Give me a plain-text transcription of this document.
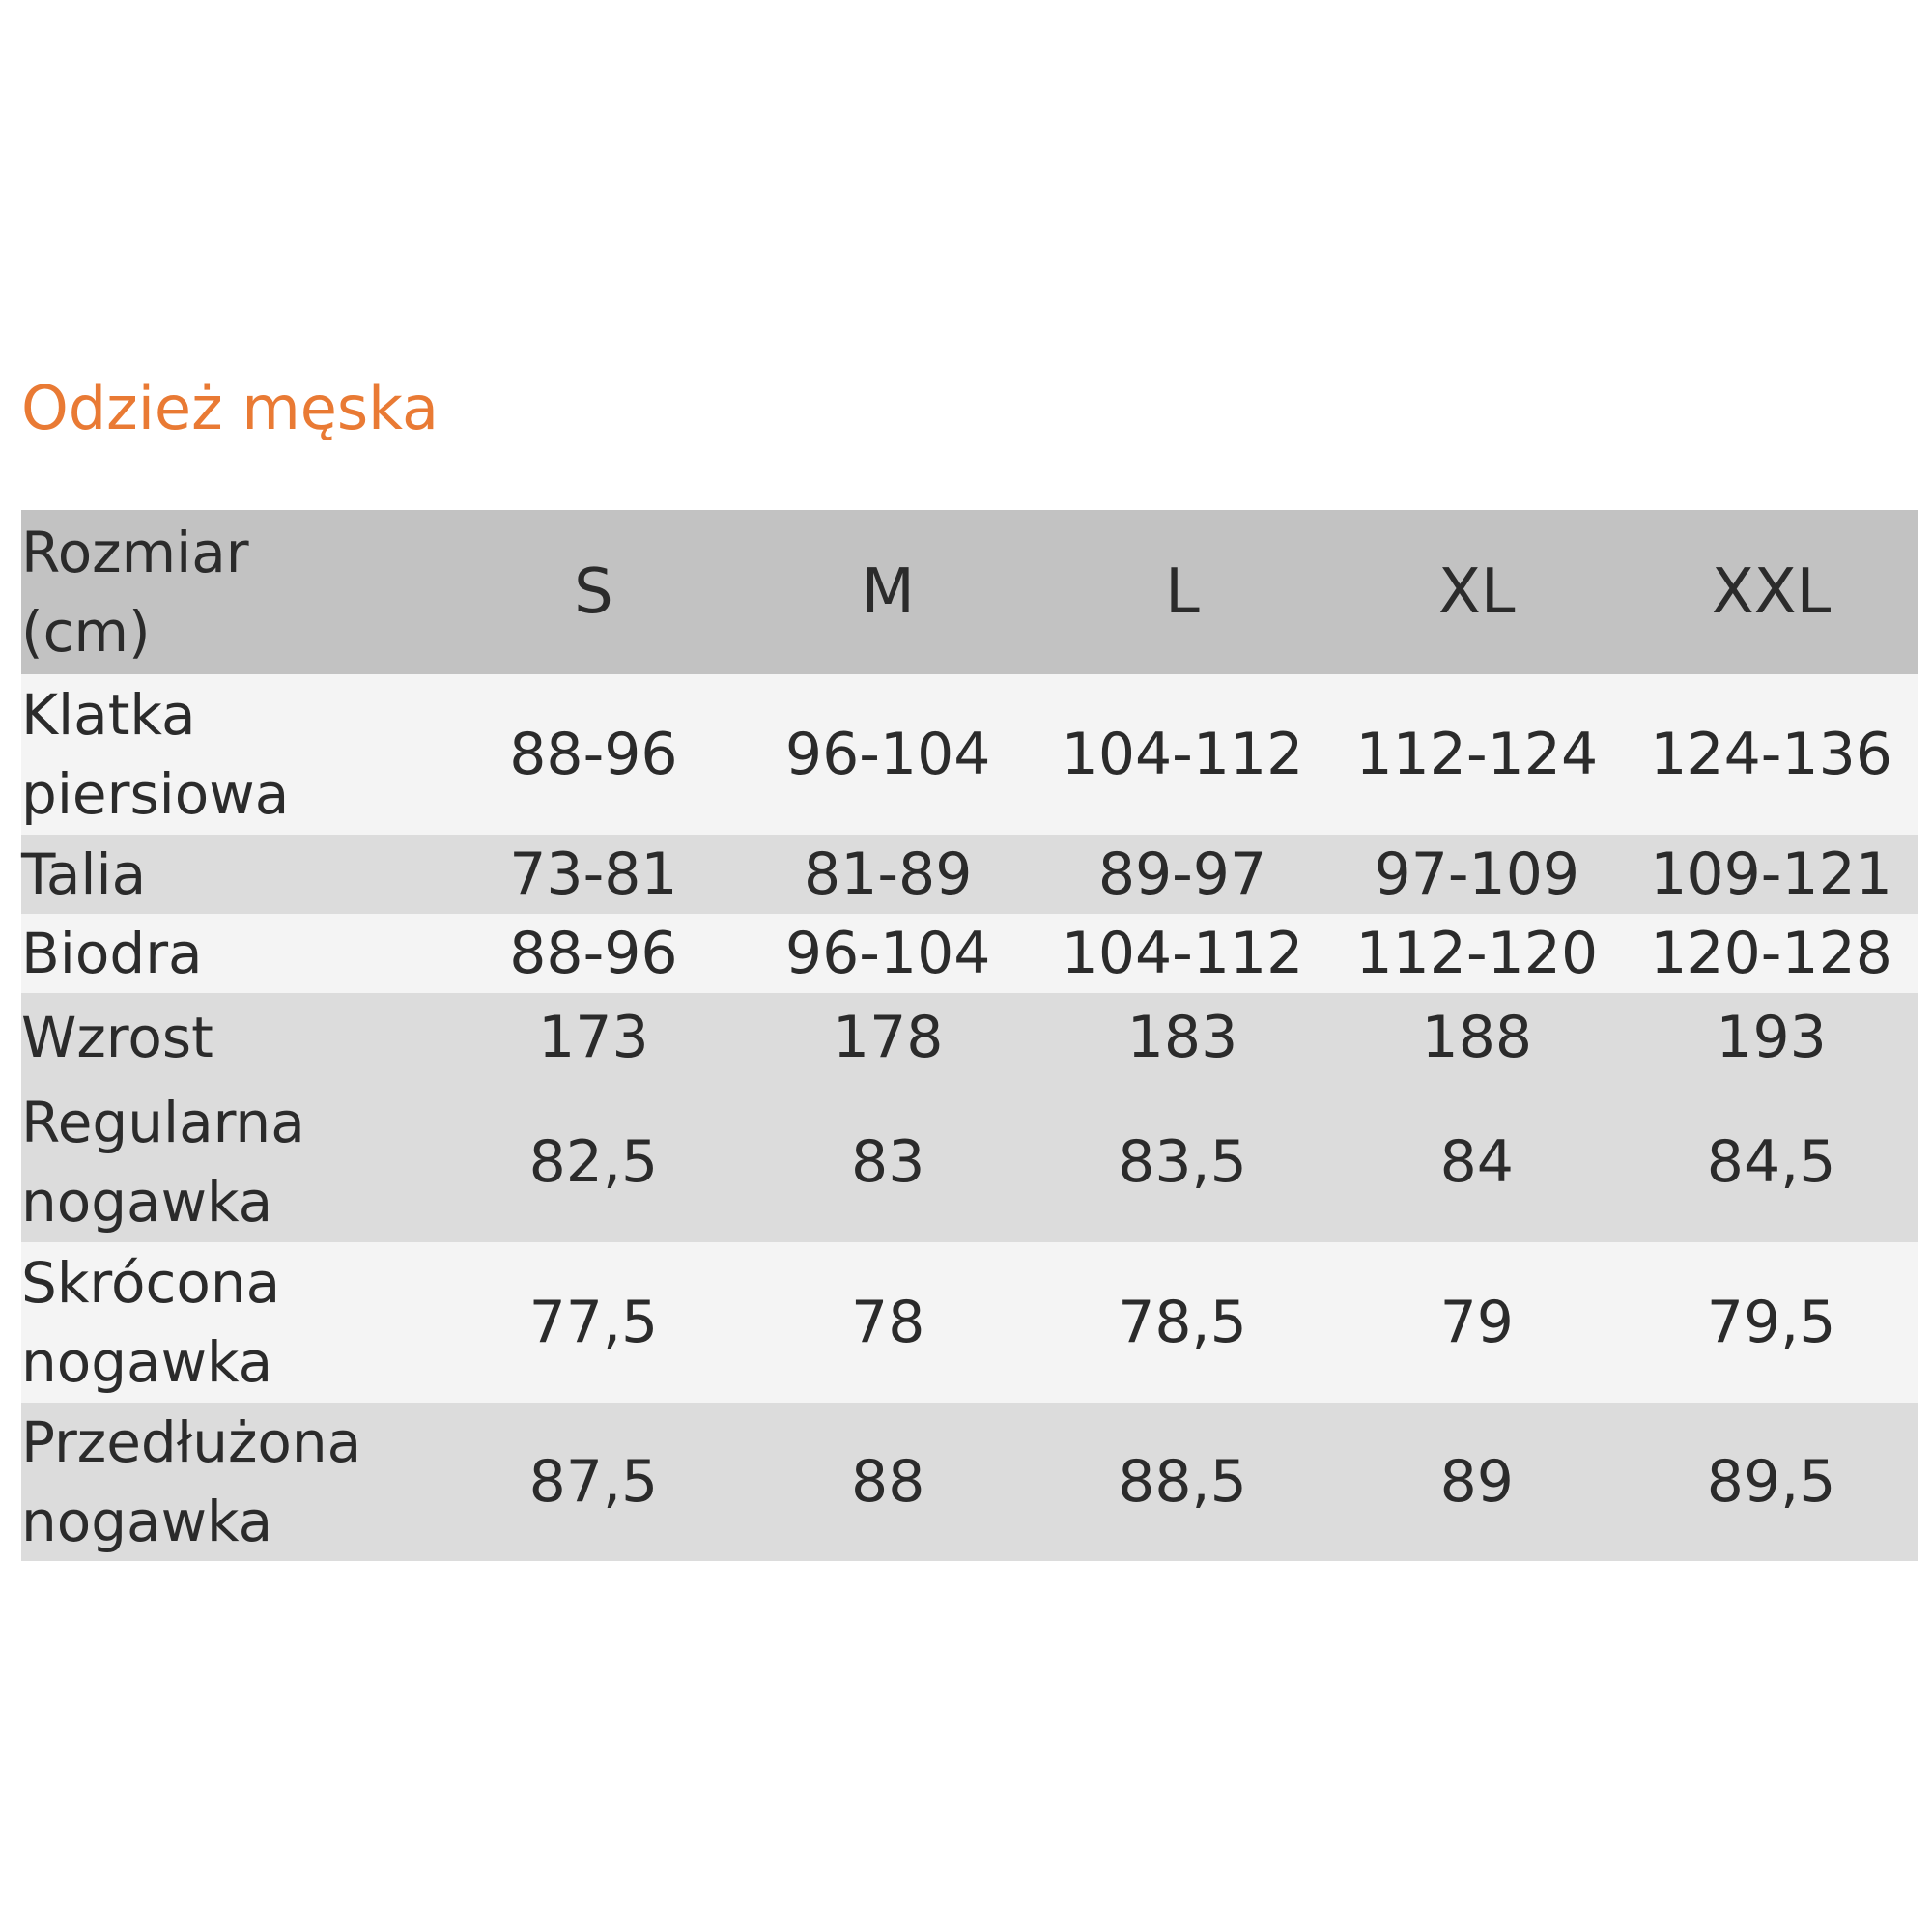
Odzież męska
Rozmiar
(cm)	S	M	L	XL	XXL

Klatka
piersiowa	88-96	96-104	104-112	112-124	124-136

Talia	73-81	81-89	89-97	97-109	109-121

Biodra	88-96	96-104	104-112	112-120	120-128

Wzrost	173	178	183	188	193

Regularna
nogawka	82,5	83	83,5	84	84,5

Skrócona
nogawka	77,5	78	78,5	79	79,5

Przedłużona
nogawka	87,5	88	88,5	89	89,5
